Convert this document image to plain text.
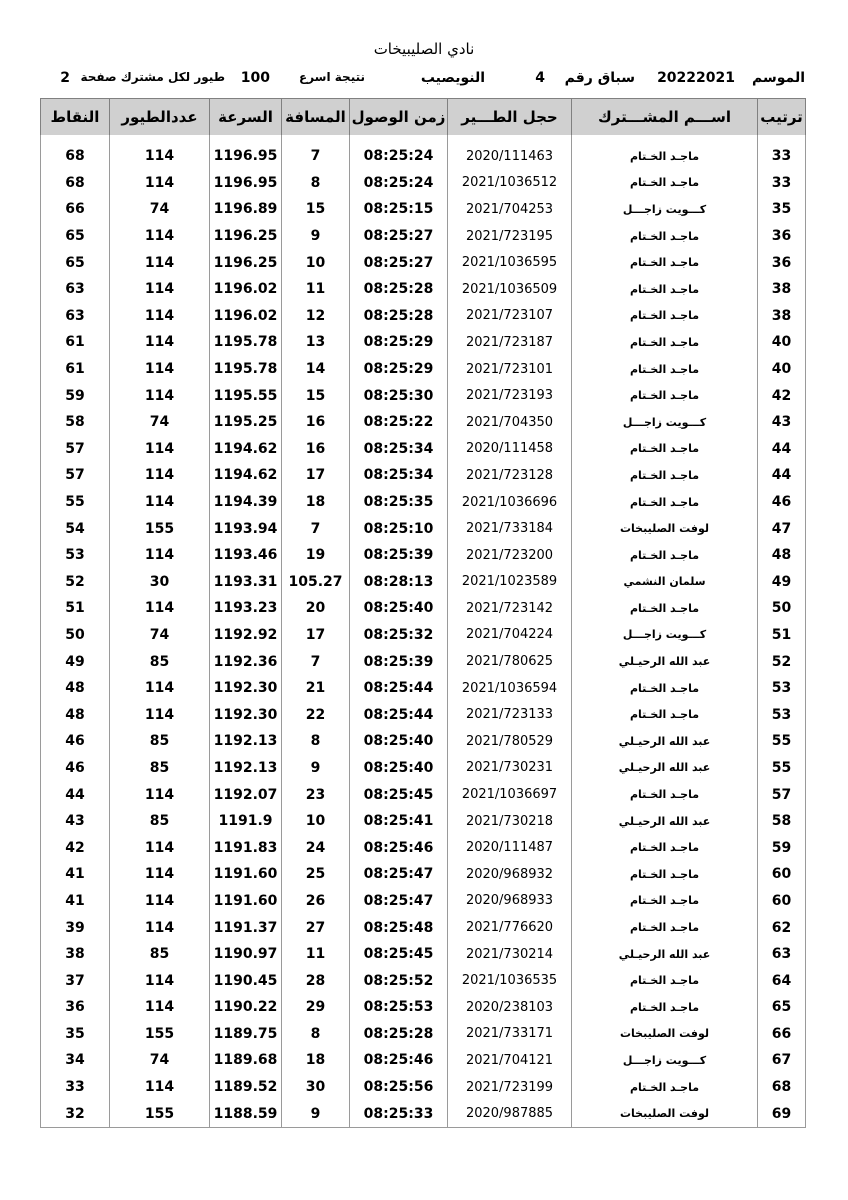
نادي الصليبيخات
الموسم
20222021
سباق رقم
4
النويصيب
نتيجة اسرع
100
طيور لكل مشترك صفحة
2
ترتيب	اســـم المشـــترك	حجل الطـــير	زمن الوصول	المسافة	السرعة	عددالطيور	النقاط

33	ماجـد الخـتام	2020/111463	08:25:24	7	1196.95	114	68
33	ماجـد الخـتام	2021/1036512	08:25:24	8	1196.95	114	68
35	كـــويت زاجـــل	2021/704253	08:25:15	15	1196.89	74	66
36	ماجـد الخـتام	2021/723195	08:25:27	9	1196.25	114	65
36	ماجـد الخـتام	2021/1036595	08:25:27	10	1196.25	114	65
38	ماجـد الخـتام	2021/1036509	08:25:28	11	1196.02	114	63
38	ماجـد الخـتام	2021/723107	08:25:28	12	1196.02	114	63
40	ماجـد الخـتام	2021/723187	08:25:29	13	1195.78	114	61
40	ماجـد الخـتام	2021/723101	08:25:29	14	1195.78	114	61
42	ماجـد الخـتام	2021/723193	08:25:30	15	1195.55	114	59
43	كـــويت زاجـــل	2021/704350	08:25:22	16	1195.25	74	58
44	ماجـد الخـتام	2020/111458	08:25:34	16	1194.62	114	57
44	ماجـد الخـتام	2021/723128	08:25:34	17	1194.62	114	57
46	ماجـد الخـتام	2021/1036696	08:25:35	18	1194.39	114	55
47	لوفت الصليبخات	2021/733184	08:25:10	7	1193.94	155	54
48	ماجـد الخـتام	2021/723200	08:25:39	19	1193.46	114	53
49	سلمان النشمي	2021/1023589	08:28:13	105.27	1193.31	30	52
50	ماجـد الخـتام	2021/723142	08:25:40	20	1193.23	114	51
51	كـــويت زاجـــل	2021/704224	08:25:32	17	1192.92	74	50
52	عبد الله الرحيـلي	2021/780625	08:25:39	7	1192.36	85	49
53	ماجـد الخـتام	2021/1036594	08:25:44	21	1192.30	114	48
53	ماجـد الخـتام	2021/723133	08:25:44	22	1192.30	114	48
55	عبد الله الرحيـلي	2021/780529	08:25:40	8	1192.13	85	46
55	عبد الله الرحيـلي	2021/730231	08:25:40	9	1192.13	85	46
57	ماجـد الخـتام	2021/1036697	08:25:45	23	1192.07	114	44
58	عبد الله الرحيـلي	2021/730218	08:25:41	10	1191.9	85	43
59	ماجـد الخـتام	2020/111487	08:25:46	24	1191.83	114	42
60	ماجـد الخـتام	2020/968932	08:25:47	25	1191.60	114	41
60	ماجـد الخـتام	2020/968933	08:25:47	26	1191.60	114	41
62	ماجـد الخـتام	2021/776620	08:25:48	27	1191.37	114	39
63	عبد الله الرحيـلي	2021/730214	08:25:45	11	1190.97	85	38
64	ماجـد الخـتام	2021/1036535	08:25:52	28	1190.45	114	37
65	ماجـد الخـتام	2020/238103	08:25:53	29	1190.22	114	36
66	لوفت الصليبخات	2021/733171	08:25:28	8	1189.75	155	35
67	كـــويت زاجـــل	2021/704121	08:25:46	18	1189.68	74	34
68	ماجـد الخـتام	2021/723199	08:25:56	30	1189.52	114	33
69	لوفت الصليبخات	2020/987885	08:25:33	9	1188.59	155	32
